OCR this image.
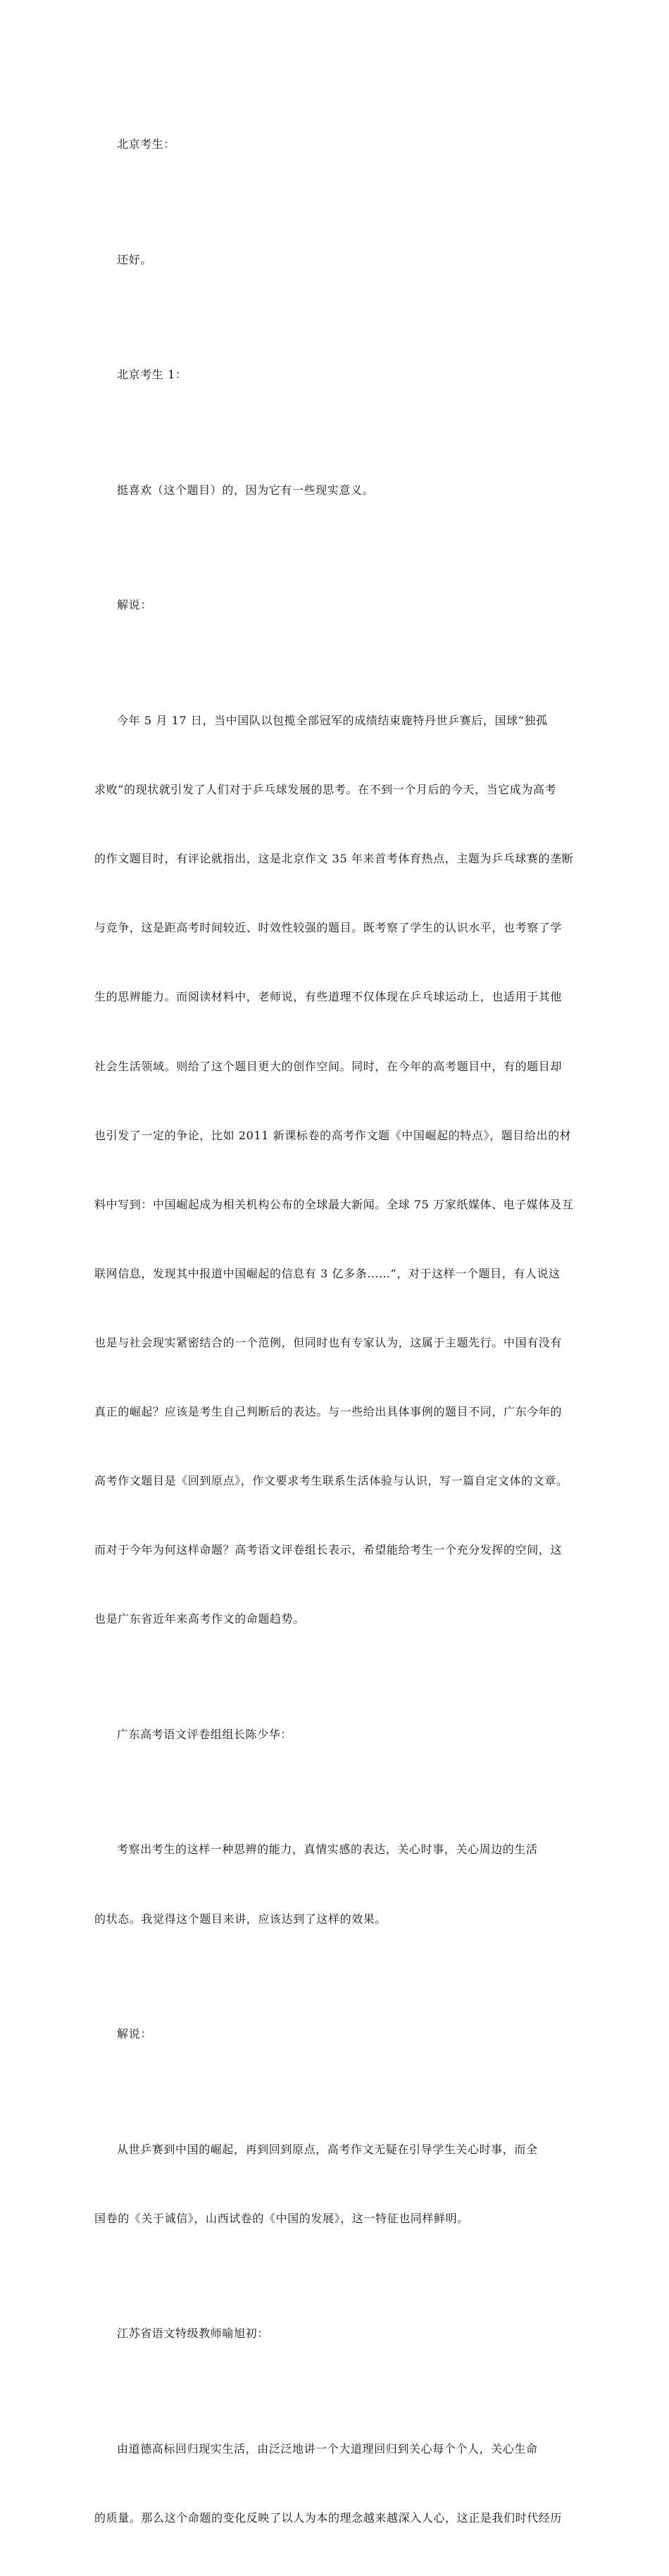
北京考生：

还好。

北京考生 1：

挺喜欢（这个题目）的，因为它有一些现实意义。

解说：

今年 5 月 17 日，当中国队以包揽全部冠军的成绩结束鹿特丹世乒赛后，国球“独孤

求败”的现状就引发了人们对于乒乓球发展的思考。在不到一个月后的今天，当它成为高考

的作文题目时，有评论就指出，这是北京作文 35 年来首考体育热点，主题为乒乓球赛的垄断

与竞争，这是距高考时间较近、时效性较强的题目。既考察了学生的认识水平，也考察了学

生的思辨能力。而阅读材料中，老师说，有些道理不仅体现在乒乓球运动上，也适用于其他

社会生活领域。则给了这个题目更大的创作空间。同时，在今年的高考题目中，有的题目却

也引发了一定的争论，比如 2011 新课标卷的高考作文题《中国崛起的特点》，题目给出的材

料中写到：中国崛起成为相关机构公布的全球最大新闻。全球 75 万家纸媒体、电子媒体及互

联网信息，发现其中报道中国崛起的信息有 3 亿多条……“，对于这样一个题目，有人说这

也是与社会现实紧密结合的一个范例，但同时也有专家认为，这属于主题先行。中国有没有

真正的崛起？应该是考生自己判断后的表达。与一些给出具体事例的题目不同，广东今年的

高考作文题目是《回到原点》，作文要求考生联系生活体验与认识，写一篇自定文体的文章。

而对于今年为何这样命题？高考语文评卷组长表示，希望能给考生一个充分发挥的空间，这

也是广东省近年来高考作文的命题趋势。

广东高考语文评卷组组长陈少华：

考察出考生的这样一种思辨的能力，真情实感的表达，关心时事，关心周边的生活

的状态。我觉得这个题目来讲，应该达到了这样的效果。

解说：

从世乒赛到中国的崛起，再到回到原点，高考作文无疑在引导学生关心时事，而全

国卷的《关于诚信》，山西试卷的《中国的发展》，这一特征也同样鲜明。

江苏省语文特级教师喻旭初：

由道德高标回归现实生活，由泛泛地讲一个大道理回归到关心每个个人，关心生命

的质量。那么这个命题的变化反映了以人为本的理念越来越深入人心，这正是我们时代经历
